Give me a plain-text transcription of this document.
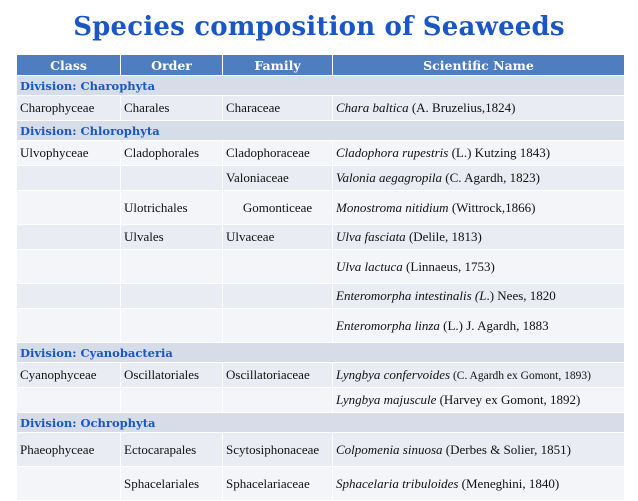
Species composition of Seaweeds
Class	Order	Family	Scientific Name
Division: Charophyta			
Charophyceae	Charales	Characeae	Chara baltica (A. Bruzelius,1824)
Division: Chlorophyta			
Ulvophyceae	Cladophorales	Cladophoraceae	Cladophora rupestris (L.) Kutzing 1843)
		Valoniaceae	Valonia aegagropila (C. Agardh, 1823)
	Ulotrichales	Gomonticeae	Monostroma nitidium (Wittrock,1866)
	Ulvales	Ulvaceae	Ulva fasciata (Delile, 1813)
			Ulva lactuca (Linnaeus, 1753)
			Enteromorpha intestinalis (L.) Nees, 1820
			Enteromorpha linza (L.) J. Agardh, 1883
Division: Cyanobacteria			
Cyanophyceae	Oscillatoriales	Oscillatoriaceae	Lyngbya confervoides (C. Agardh ex Gomont, 1893)
			Lyngbya majuscule (Harvey ex Gomont, 1892)
Division: Ochrophyta			
Phaeophyceae	Ectocarapales	Scytosiphonaceae	Colpomenia sinuosa (Derbes & Solier, 1851)
	Sphacelariales	Sphacelariaceae	Sphacelaria tribuloides (Meneghini, 1840)
